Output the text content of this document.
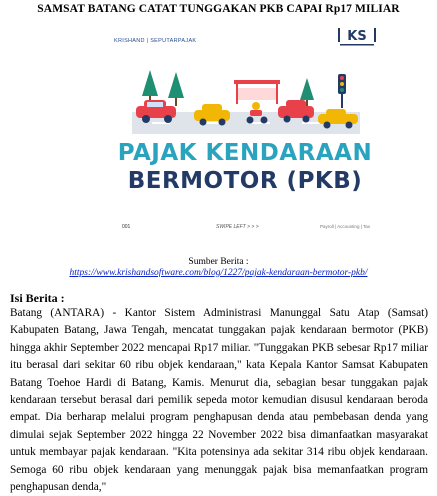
SAMSAT BATANG CATAT TUNGGAKAN PKB CAPAI Rp17 MILIAR
KRISHAND | SEPUTARPAJAK	KS
PAJAK KENDARAAN
BERMOTOR (PKB)
001	SWIPE LEFT > > >	Payroll | Accounting | Tax
Sumber Berita :
https://www.krishandsoftware.com/blog/1227/pajak-kendaraan-bermotor-pkb/
Isi Berita :
Batang (ANTARA) - Kantor Sistem Administrasi Manunggal Satu Atap (Samsat) Kabupaten Batang, Jawa Tengah, mencatat tunggakan pajak kendaraan bermotor (PKB) hingga akhir September 2022 mencapai Rp17 miliar. "Tunggakan PKB sebesar Rp17 miliar itu berasal dari sekitar 60 ribu objek kendaraan," kata Kepala Kantor Samsat Kabupaten Batang Toehoe Hardi di Batang, Kamis. Menurut dia, sebagian besar tunggakan pajak kendaraan tersebut berasal dari pemilik sepeda motor kemudian disusul kendaraan beroda empat. Dia berharap melalui program penghapusan denda atau pembebasan denda yang dimulai sejak September 2022 hingga 22 November 2022 bisa dimanfaatkan masyarakat untuk membayar pajak kendaraan. "Kita potensinya ada sekitar 314 ribu objek kendaraan. Semoga 60 ribu objek kendaraan yang menunggak pajak bisa memanfaatkan program penghapusan denda,"
